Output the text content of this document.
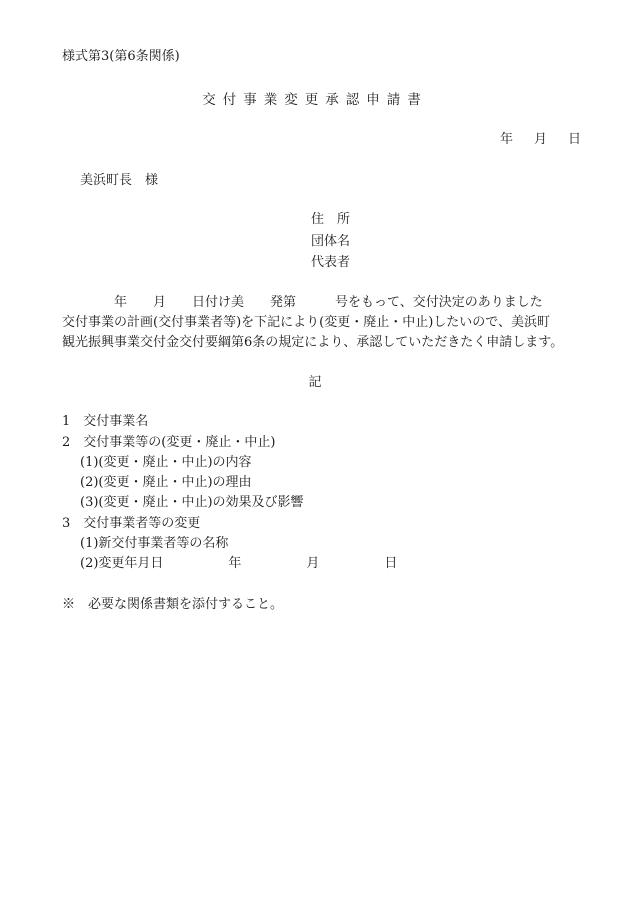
様式第3(第6条関係)
交付事業変更承認申請書
年 月 日
美浜町長　様
住　所
団体名
代表者
　　　　年　　月　　日付け美　　発第　　　号をもって、交付決定のありました
交付事業の計画(交付事業者等)を下記により(変更・廃止・中止)したいので、美浜町
観光振興事業交付金交付要綱第6条の規定により、承認していただきたく申請します。
記
1　交付事業名
2　交付事業等の(変更・廃止・中止)
(1)(変更・廃止・中止)の内容
(2)(変更・廃止・中止)の理由
(3)(変更・廃止・中止)の効果及び影響
3　交付事業者等の変更
(1)新交付事業者等の名称
(2)変更年月日　　　　　年　　　　　月　　　　　日
※　必要な関係書類を添付すること。
